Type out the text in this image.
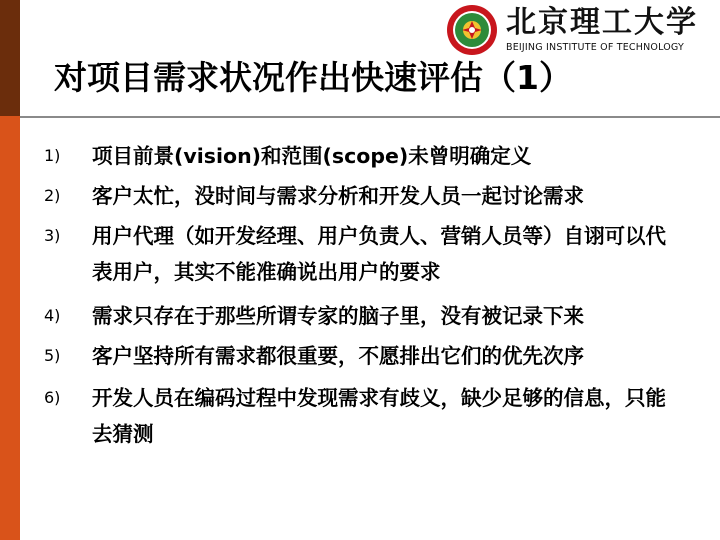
北京理工大学
BEIJING INSTITUTE OF TECHNOLOGY
对项目需求状况作出快速评估（1）
1)	项目前景(vision)和范围(scope)未曾明确定义
2)	客户太忙，没时间与需求分析和开发人员一起讨论需求
3)	用户代理（如开发经理、用户负责人、营销人员等）自诩可以代表用户，其实不能准确说出用户的要求
4)	需求只存在于那些所谓专家的脑子里，没有被记录下来
5)	客户坚持所有需求都很重要，不愿排出它们的优先次序
6)	开发人员在编码过程中发现需求有歧义，缺少足够的信息，只能去猜测
